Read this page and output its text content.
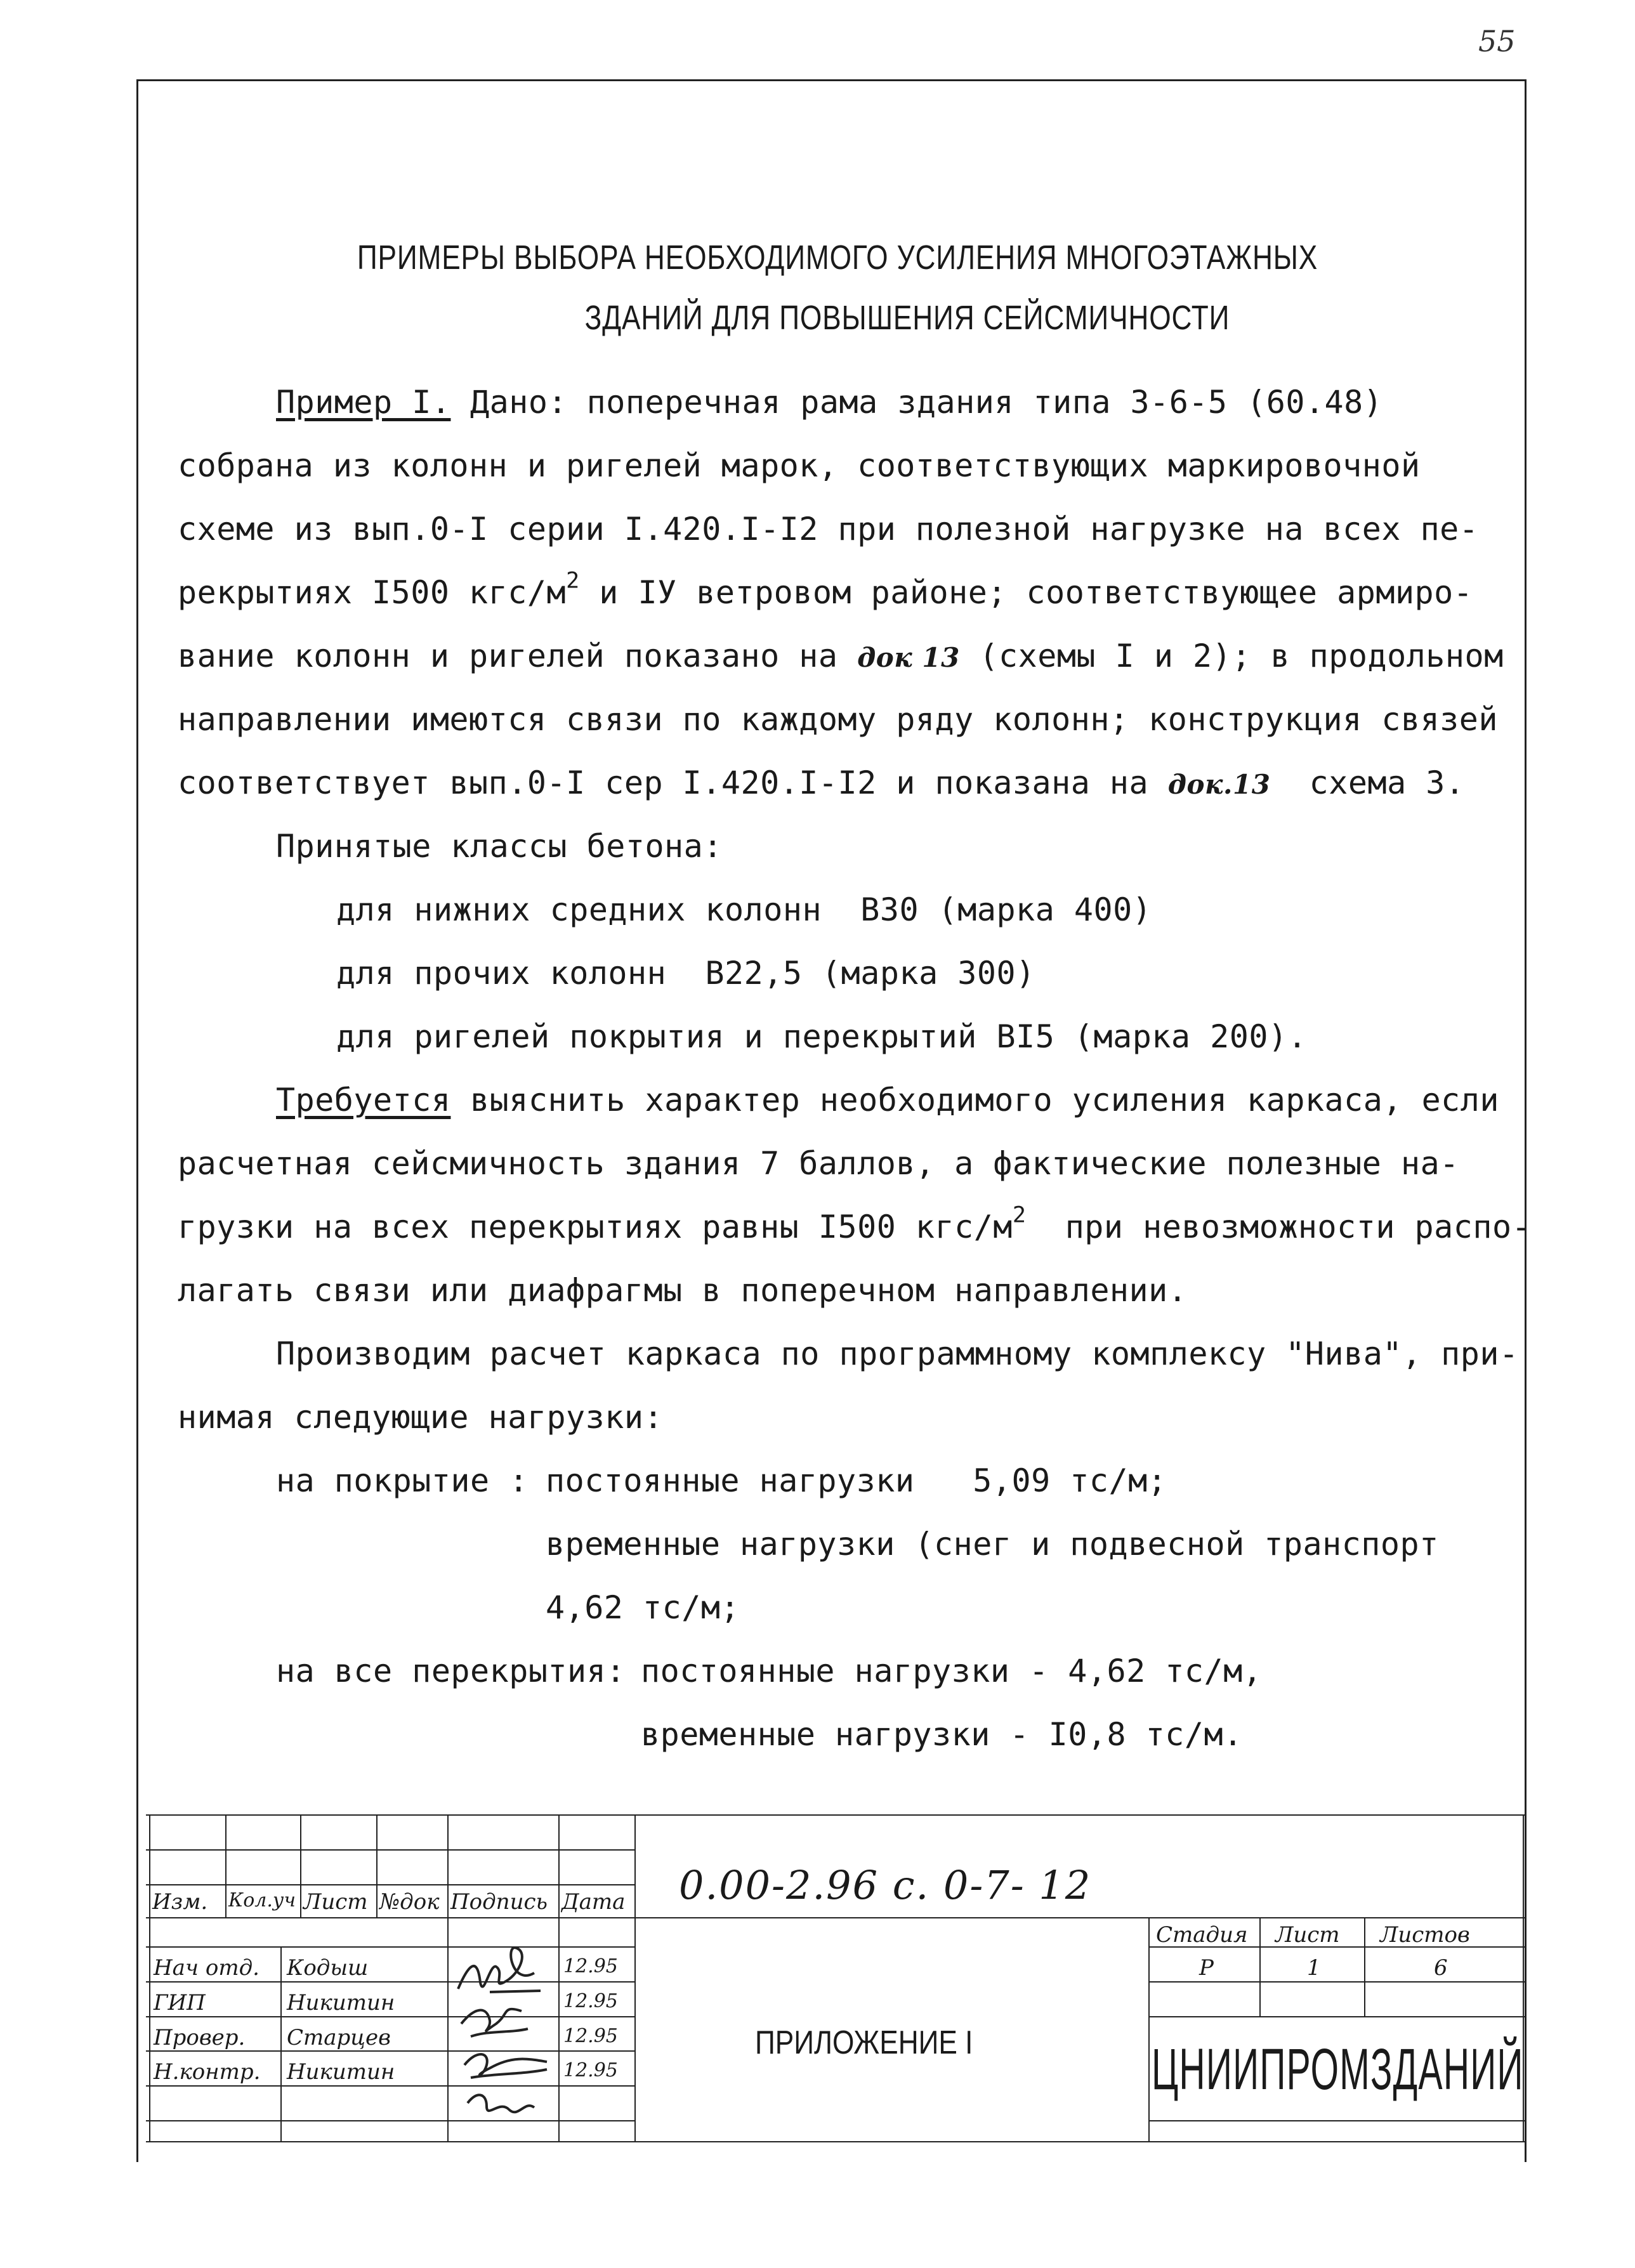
55
ПРИМЕРЫ ВЫБОРА НЕОБХОДИМОГО УСИЛЕНИЯ МНОГОЭТАЖНЫХ
ЗДАНИЙ ДЛЯ ПОВЫШЕНИЯ СЕЙСМИЧНОСТИ
Пример I. Дано: поперечная рама здания типа 3-6-5 (60.48)
собрана из колонн и ригелей марок, соответствующих маркировочной
схеме из вып.0-I серии I.420.I-I2 при полезной нагрузке на всех пе-
рекрытиях I500 кгс/$м^2$ и IУ ветровом районе; соответствующее армиро-
вание колонн и ригелей показано на док 13 (схемы I и 2); в продольном
направлении имеются связи по каждому ряду колонн; конструкция связей
соответствует вып.0-I сер I.420.I-I2 и показана на док.13  схема 3.
Принятые классы бетона:
для нижних средних колонн  В30 (марка 400)
для прочих колонн  В22,5 (марка 300)
для ригелей покрытия и перекрытий ВI5 (марка 200).
Требуется выяснить характер необходимого усиления каркаса, если
расчетная сейсмичность здания 7 баллов, а фактические полезные на-
грузки на всех перекрытиях равны I500 кгс/$м^2$  при невозможности распо-
лагать связи или диафрагмы в поперечном направлении.
Производим расчет каркаса по программному комплексу "Нива", при-
нимая следующие нагрузки:
на покрытие :
постоянные нагрузки   5,09 тс/м;
временные нагрузки (снег и подвесной транспорт
4,62 тс/м;
на все перекрытия:
постоянные нагрузки - 4,62 тс/м,
временные нагрузки - I0,8 тс/м.
Изм. Кол.уч Лист №док Подпись Дата
Нач отд. Кодыш	12.95
ГИП	Никитин	12.95
Провер. Старцев	12.95
Н.контр. Никитин	12.95
0.00-2.96 с. 0-7- 12
Стадия Лист Листов
Р	1	6
ПРИЛОЖЕНИЕ I	ЦНИИПРОМЗДАНИЙ
